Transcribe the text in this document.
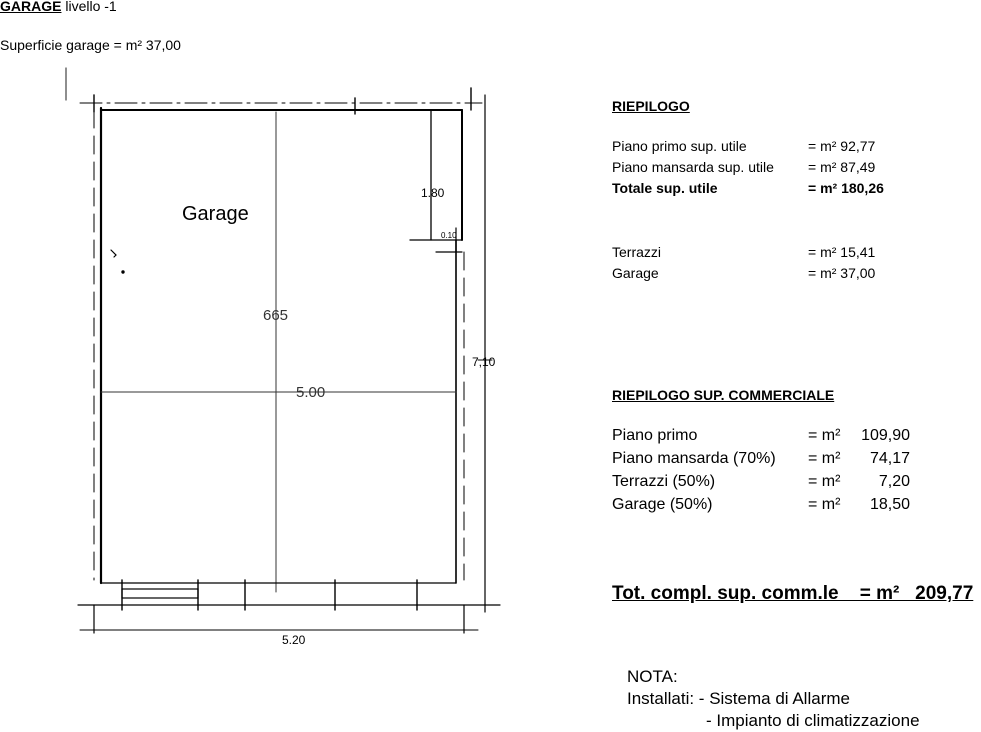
GARAGE livello -1
Superficie garage = m² 37,00
Garage
1.80
0.10
665
5.00
7,10
5.20
RIEPILOGO
Piano primo sup. utile	= m² 92,77
Piano mansarda sup. utile = m² 87,49
Totale sup. utile	= m² 180,26
Terrazzi	= m² 15,41
Garage	= m² 37,00
RIEPILOGO SUP. COMMERCIALE
Piano primo	= m² 109,90
Piano mansarda (70%) = m² 74,17
Terrazzi (50%)	= m² 7,20
Garage (50%)	= m² 18,50
Tot. compl. sup. comm.le    = m²   209,77
NOTA:
Installati: - Sistema di Allarme
- Impianto di climatizzazione
